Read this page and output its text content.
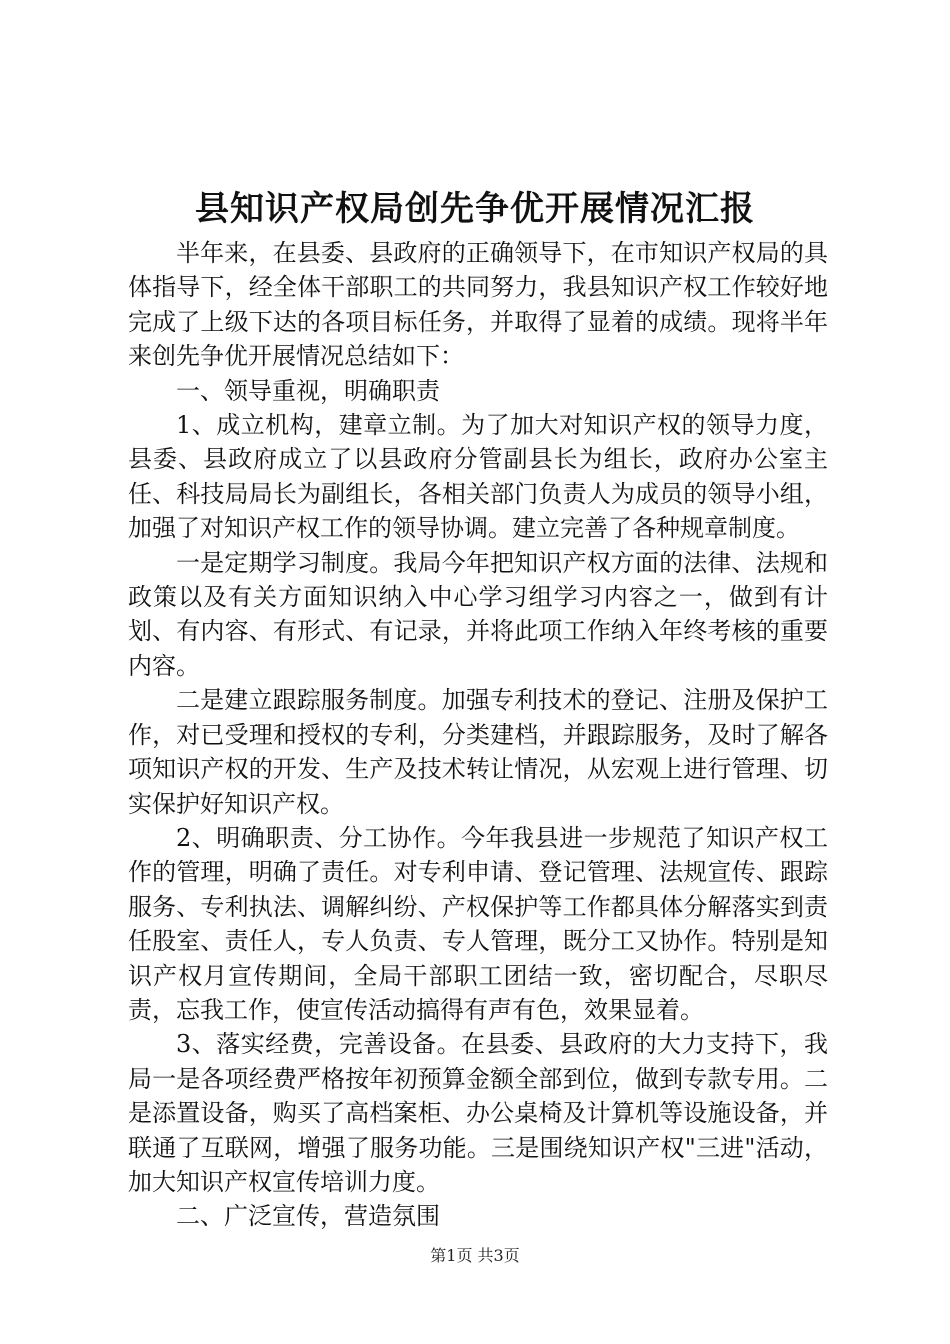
县知识产权局创先争优开展情况汇报

半年来，在县委、县政府的正确领导下，在市知识产权局的具体指导下，经全体干部职工的共同努力，我县知识产权工作较好地完成了上级下达的各项目标任务，并取得了显着的成绩。现将半年来创先争优开展情况总结如下：

一、领导重视，明确职责

1、成立机构，建章立制。为了加大对知识产权的领导力度，县委、县政府成立了以县政府分管副县长为组长，政府办公室主任、科技局局长为副组长，各相关部门负责人为成员的领导小组，加强了对知识产权工作的领导协调。建立完善了各种规章制度。

一是定期学习制度。我局今年把知识产权方面的法律、法规和政策以及有关方面知识纳入中心学习组学习内容之一，做到有计划、有内容、有形式、有记录，并将此项工作纳入年终考核的重要内容。

二是建立跟踪服务制度。加强专利技术的登记、注册及保护工作，对已受理和授权的专利，分类建档，并跟踪服务，及时了解各项知识产权的开发、生产及技术转让情况，从宏观上进行管理、切实保护好知识产权。

2、明确职责、分工协作。今年我县进一步规范了知识产权工作的管理，明确了责任。对专利申请、登记管理、法规宣传、跟踪服务、专利执法、调解纠纷、产权保护等工作都具体分解落实到责任股室、责任人，专人负责、专人管理，既分工又协作。特别是知识产权月宣传期间，全局干部职工团结一致，密切配合，尽职尽责，忘我工作，使宣传活动搞得有声有色，效果显着。

3、落实经费，完善设备。在县委、县政府的大力支持下，我局一是各项经费严格按年初预算金额全部到位，做到专款专用。二是添置设备，购买了高档案柜、办公桌椅及计算机等设施设备，并联通了互联网，增强了服务功能。三是围绕知识产权"三进"活动，加大知识产权宣传培训力度。

二、广泛宣传，营造氛围

第1页 共3页
